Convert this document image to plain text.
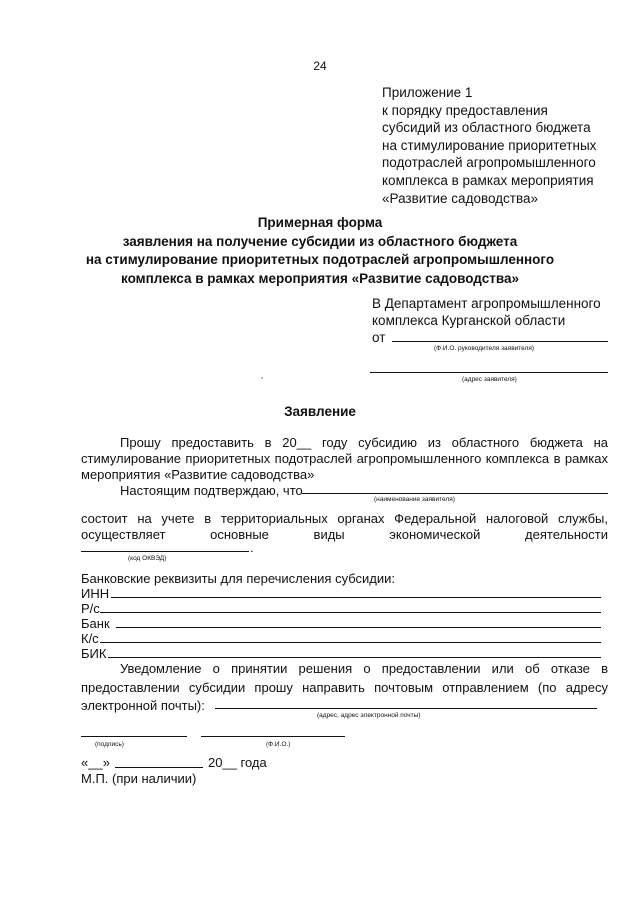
24
Приложение 1
к порядку предоставления
субсидий из областного бюджета
на стимулирование приоритетных
подотраслей агропромышленного
комплекса в рамках мероприятия
«Развитие садоводства»
Примерная форма
заявления на получение субсидии из областного бюджета
на стимулирование приоритетных подотраслей агропромышленного
комплекса в рамках мероприятия «Развитие садоводства»
В Департамент агропромышленного
комплекса Курганской области
от
(Ф.И.О. руководителя заявителя)
(адрес заявителя)
Заявление
Прошу предоставить в 20__ году субсидию из областного бюджета на
стимулирование приоритетных подотраслей агропромышленного комплекса в рамках
мероприятия «Развитие садоводства»
Настоящим подтверждаю, что
(наименование заявителя)
состоит на учете в территориальных органах Федеральной налоговой службы,
осуществляет основные виды экономической деятельности
.
(код ОКВЭД)
Банковские реквизиты для перечисления субсидии:
ИНН
Р/с
Банк
К/с
БИК
Уведомление о принятии решения о предоставлении или об отказе в
предоставлении субсидии прошу направить почтовым отправлением (по адресу
электронной почты):
(адрес, адрес электронной почты)
(подпись)	(Ф.И.О.)
«__»	20__ года
М.П. (при наличии)
